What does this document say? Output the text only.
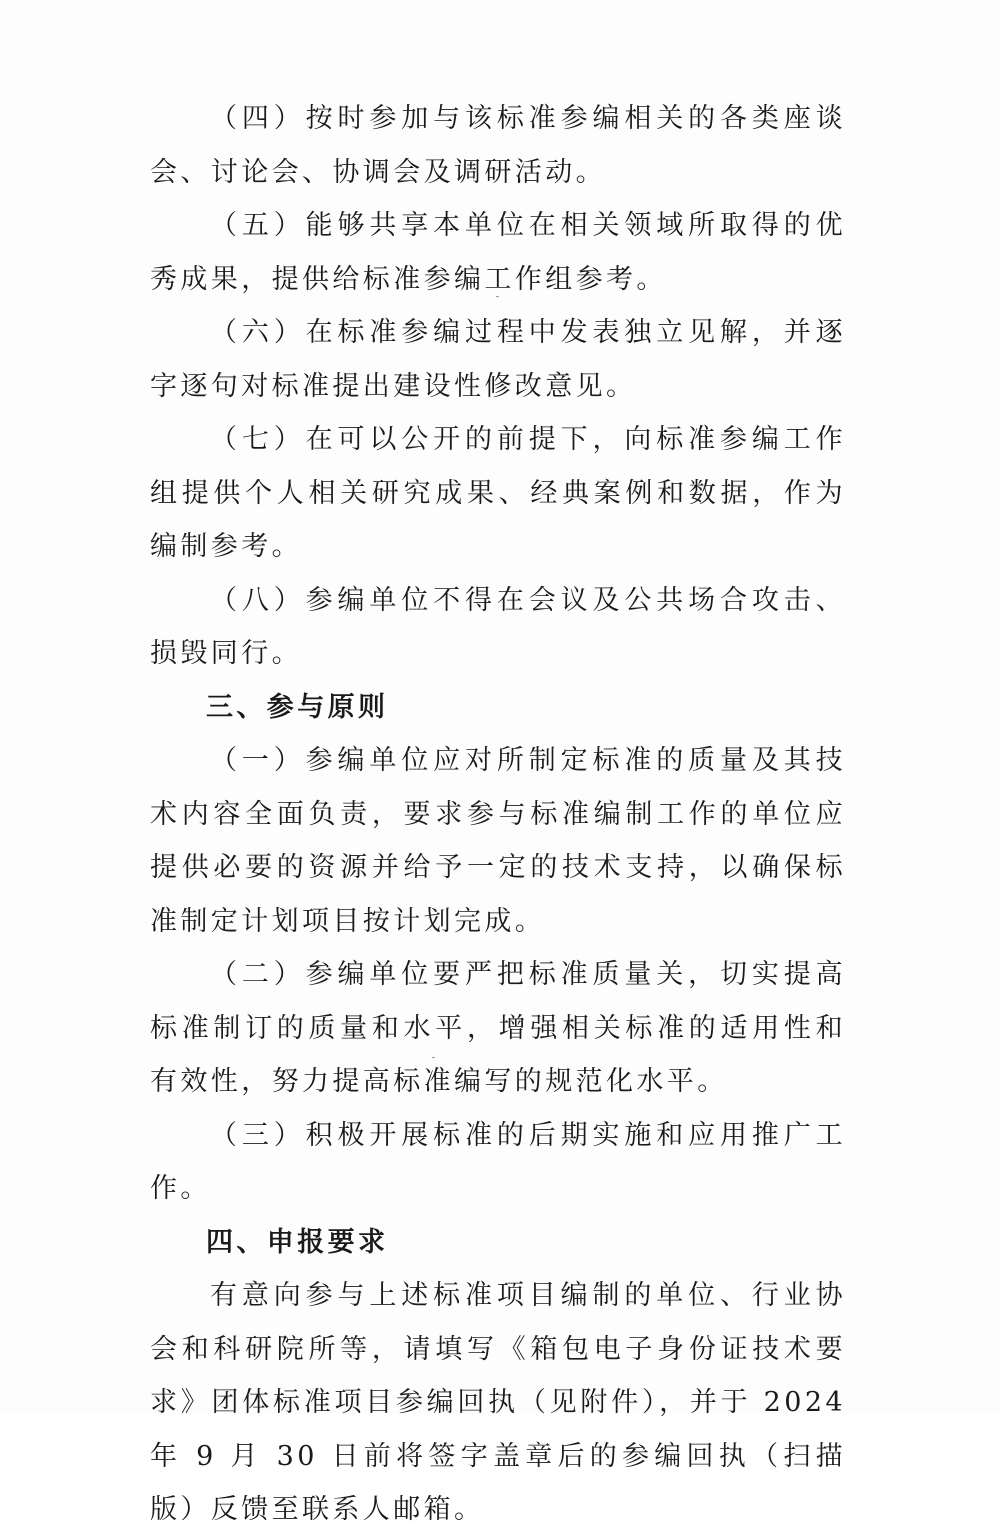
（四）按时参加与该标准参编相关的各类座谈会、讨论会、协调会及调研活动。

（五）能够共享本单位在相关领域所取得的优秀成果，提供给标准参编工作组参考。

（六）在标准参编过程中发表独立见解，并逐字逐句对标准提出建设性修改意见。

（七）在可以公开的前提下，向标准参编工作组提供个人相关研究成果、经典案例和数据，作为编制参考。

（八）参编单位不得在会议及公共场合攻击、损毁同行。

三、参与原则

（一）参编单位应对所制定标准的质量及其技术内容全面负责，要求参与标准编制工作的单位应提供必要的资源并给予一定的技术支持，以确保标准制定计划项目按计划完成。

（二）参编单位要严把标准质量关，切实提高标准制订的质量和水平，增强相关标准的适用性和有效性，努力提高标准编写的规范化水平。

（三）积极开展标准的后期实施和应用推广工作。

四、申报要求

有意向参与上述标准项目编制的单位、行业协会和科研院所等，请填写《箱包电子身份证技术要求》团体标准项目参编回执（见附件），并于 2024 年 9 月 30 日前将签字盖章后的参编回执（扫描版）反馈至联系人邮箱。
